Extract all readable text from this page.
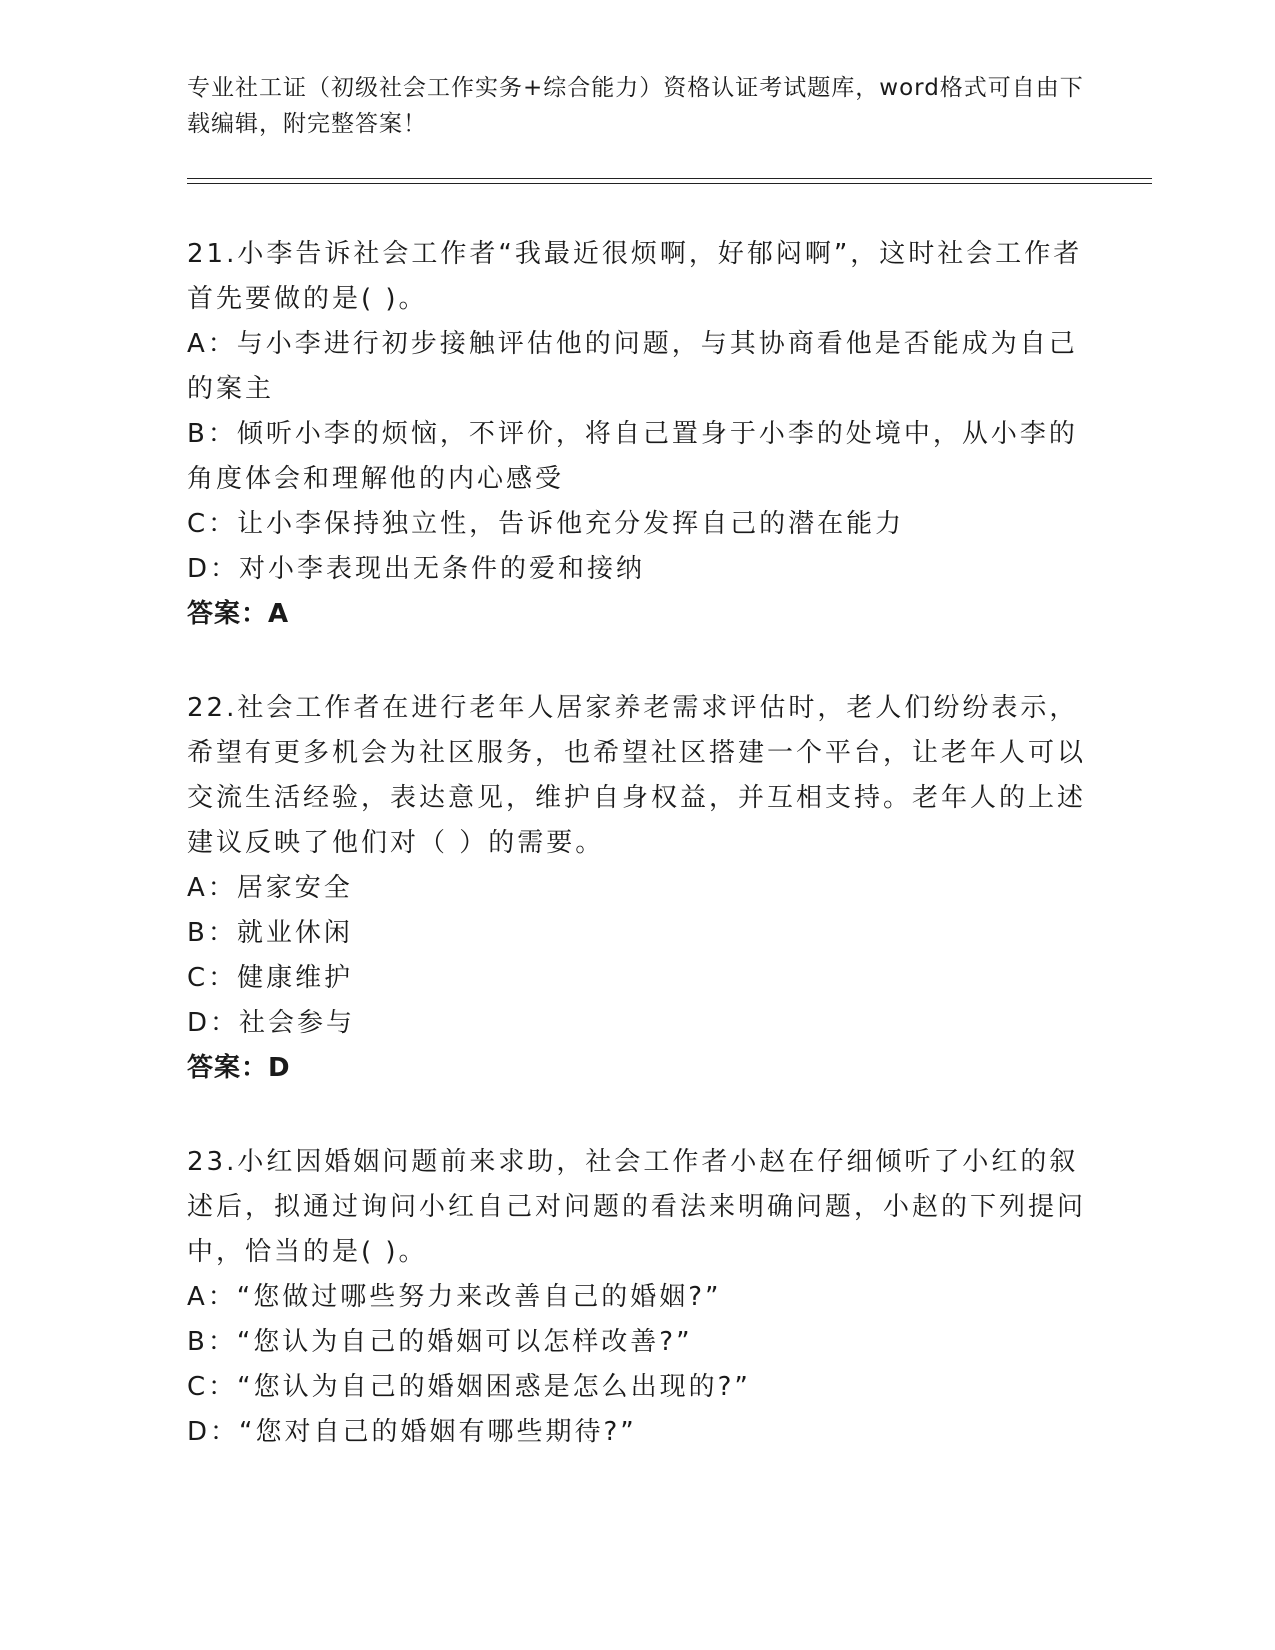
专业社工证（初级社会工作实务+综合能力）资格认证考试题库，word格式可自由下载编辑，附完整答案！

21.小李告诉社会工作者“我最近很烦啊，好郁闷啊”，这时社会工作者首先要做的是( )。

A：与小李进行初步接触评估他的问题，与其协商看他是否能成为自己的案主

B：倾听小李的烦恼，不评价，将自己置身于小李的处境中，从小李的角度体会和理解他的内心感受

C：让小李保持独立性，告诉他充分发挥自己的潜在能力

D：对小李表现出无条件的爱和接纳

答案：A

22.社会工作者在进行老年人居家养老需求评估时，老人们纷纷表示，希望有更多机会为社区服务，也希望社区搭建一个平台，让老年人可以交流生活经验，表达意见，维护自身权益，并互相支持。老年人的上述建议反映了他们对（ ）的需要。

A：居家安全

B：就业休闲

C：健康维护

D：社会参与

答案：D

23.小红因婚姻问题前来求助，社会工作者小赵在仔细倾听了小红的叙述后，拟通过询问小红自己对问题的看法来明确问题，小赵的下列提问中，恰当的是( )。

A：“您做过哪些努力来改善自己的婚姻?”

B：“您认为自己的婚姻可以怎样改善?”

C：“您认为自己的婚姻困惑是怎么出现的?”

D：“您对自己的婚姻有哪些期待?”
